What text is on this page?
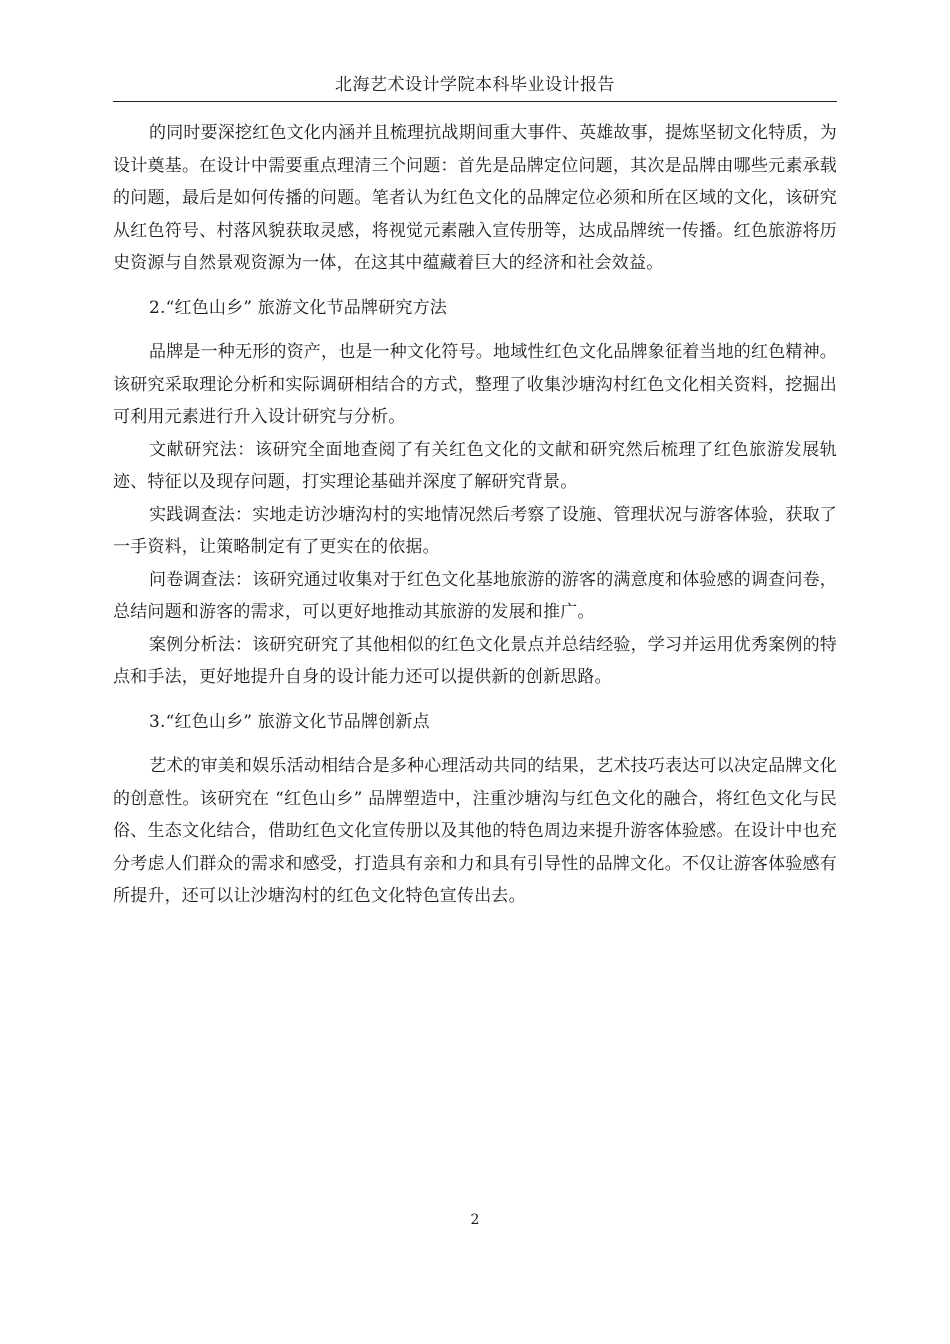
北海艺术设计学院本科毕业设计报告

的同时要深挖红色文化内涵并且梳理抗战期间重大事件、英雄故事，提炼坚韧文化特质，为设计奠基。在设计中需要重点理清三个问题：首先是品牌定位问题，其次是品牌由哪些元素承载的问题，最后是如何传播的问题。笔者认为红色文化的品牌定位必须和所在区域的文化，该研究从红色符号、村落风貌获取灵感，将视觉元素融入宣传册等，达成品牌统一传播。红色旅游将历史资源与自然景观资源为一体，在这其中蕴藏着巨大的经济和社会效益。

2.“红色山乡” 旅游文化节品牌研究方法

品牌是一种无形的资产，也是一种文化符号。地域性红色文化品牌象征着当地的红色精神。该研究采取理论分析和实际调研相结合的方式，整理了收集沙塘沟村红色文化相关资料，挖掘出可利用元素进行升入设计研究与分析。

文献研究法：该研究全面地查阅了有关红色文化的文献和研究然后梳理了红色旅游发展轨迹、特征以及现存问题，打实理论基础并深度了解研究背景。

实践调查法：实地走访沙塘沟村的实地情况然后考察了设施、管理状况与游客体验，获取了一手资料，让策略制定有了更实在的依据。

问卷调查法：该研究通过收集对于红色文化基地旅游的游客的满意度和体验感的调查问卷，总结问题和游客的需求，可以更好地推动其旅游的发展和推广。

案例分析法：该研究研究了其他相似的红色文化景点并总结经验，学习并运用优秀案例的特点和手法，更好地提升自身的设计能力还可以提供新的创新思路。

3.“红色山乡” 旅游文化节品牌创新点

艺术的审美和娱乐活动相结合是多种心理活动共同的结果，艺术技巧表达可以决定品牌文化的创意性。该研究在 “红色山乡” 品牌塑造中，注重沙塘沟与红色文化的融合，将红色文化与民俗、生态文化结合，借助红色文化宣传册以及其他的特色周边来提升游客体验感。在设计中也充分考虑人们群众的需求和感受，打造具有亲和力和具有引导性的品牌文化。不仅让游客体验感有所提升，还可以让沙塘沟村的红色文化特色宣传出去。

2
